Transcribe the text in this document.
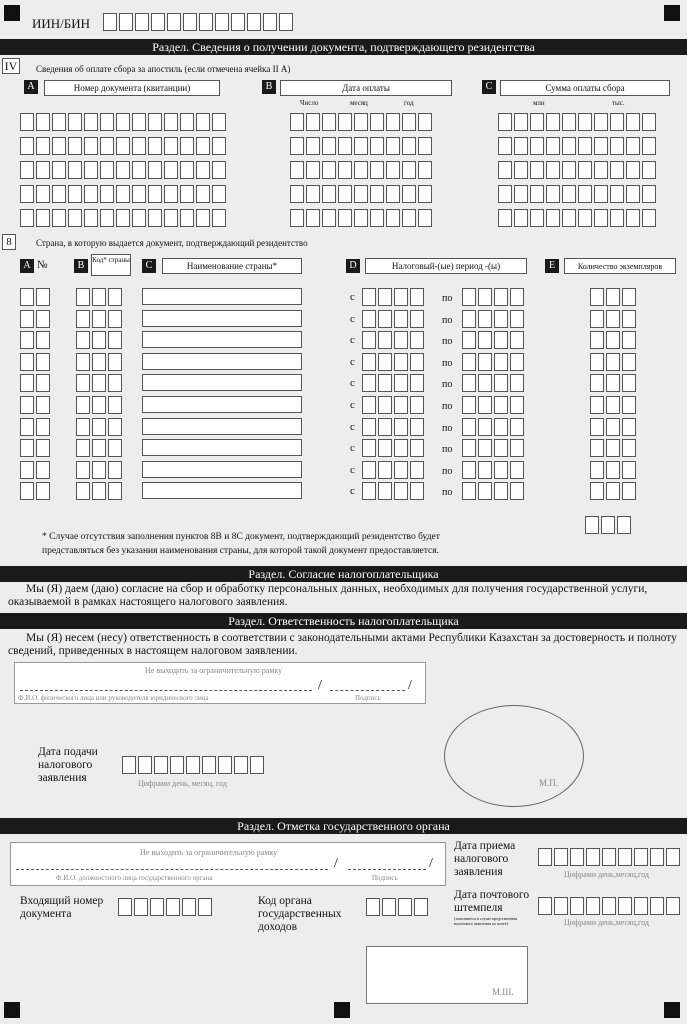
ИИН/БИН
Раздел. Сведения о получении документа, подтверждающего резидентства
IV Сведения об оплате сбора за апостиль (если отмечена ячейка II А)
A	Номер документа (квитанции)	B	Дата оплаты
Число	месяц	год
C	Сумма оплаты сбора
млн	тыс.
8	Страна, в которую выдается документ, подтверждающий резидентство
A №	B	Код* страны	C	Наименование страны*	D	Налоговый-(ые) период -(ы)	E	Количество экземпляров
с	по
с	по
с	по
с	по
с	по
с	по
с	по
с	по
с	по
с	по
* Случае отсутствия заполнения пунктов 8В и 8С документ, подтверждающий резидентство будет представляться без указания наименования страны, для которой такой документ предоставляется.
Раздел. Согласие налогоплательщика
Мы (Я) даем (даю) согласие на сбор и обработку персональных данных, необходимых для получения государственной услуги, оказываемой в рамках настоящего налогового заявления.
Раздел. Ответственность налогоплательщика
Мы (Я) несем (несу) ответственность в соответствии с законодательными актами Республики Казахстан за достоверность и полноту сведений, приведенных в настоящем налоговом заявлении.
Не выходить за ограничительную рамку
/	/
Ф.И.О. физического лица или руководителя юридического лица	Подпись
Дата подачи налогового заявления	Цифрами день, месяц, год	М.П.
Раздел. Отметка государственного органа
Не выходить за ограничительную рамку
/	/
Ф.И.О. должностного лица государственного органа	Подпись
Дата приема налогового заявления	Цифрами день,месяц,год
Дата почтового штемпеля
(заполняется в случае представления налогового заявления по почте)	Цифрами день,месяц,год
Входящий номер документа
Код органа государственных доходов
М.Ш.
